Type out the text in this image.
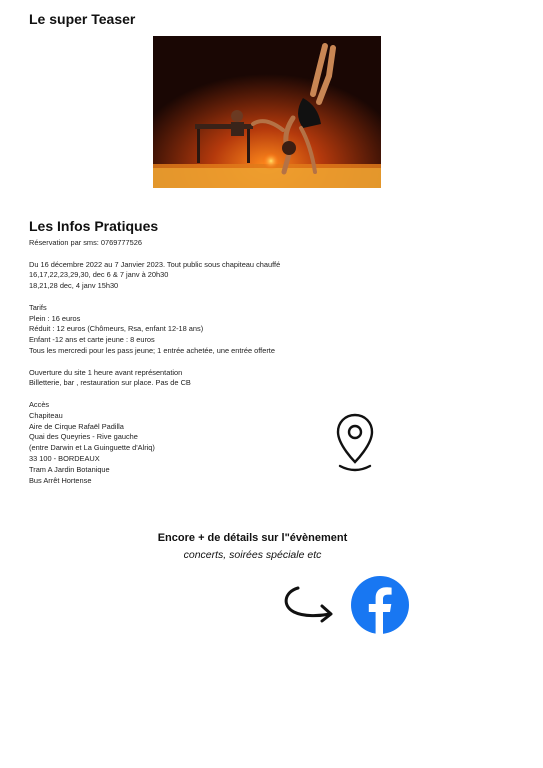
Le super Teaser
Les Infos Pratiques
Réservation par sms: 0769777526
Du 16 décembre 2022 au 7 Janvier 2023. Tout public sous chapiteau chauffé
16,17,22,23,29,30, dec 6 & 7 janv à 20h30
18,21,28 dec, 4 janv 15h30
Tarifs
Plein : 16 euros
Réduit : 12 euros (Chômeurs, Rsa, enfant 12-18 ans)
Enfant -12 ans et carte jeune : 8 euros
Tous les mercredi pour les pass jeune; 1 entrée achetée, une entrée offerte
Ouverture du site 1 heure avant représentation
Billetterie, bar , restauration sur place. Pas de CB
Accès
Chapiteau
Aire de Cirque Rafaël Padilla
Quai des Queyries - Rive gauche
(entre Darwin et La Guinguette d'Alriq)
33 100 - BORDEAUX
Tram A Jardin Botanique
Bus Arrêt Hortense
Encore + de détails sur l"évènement
concerts, soirées spéciale etc
